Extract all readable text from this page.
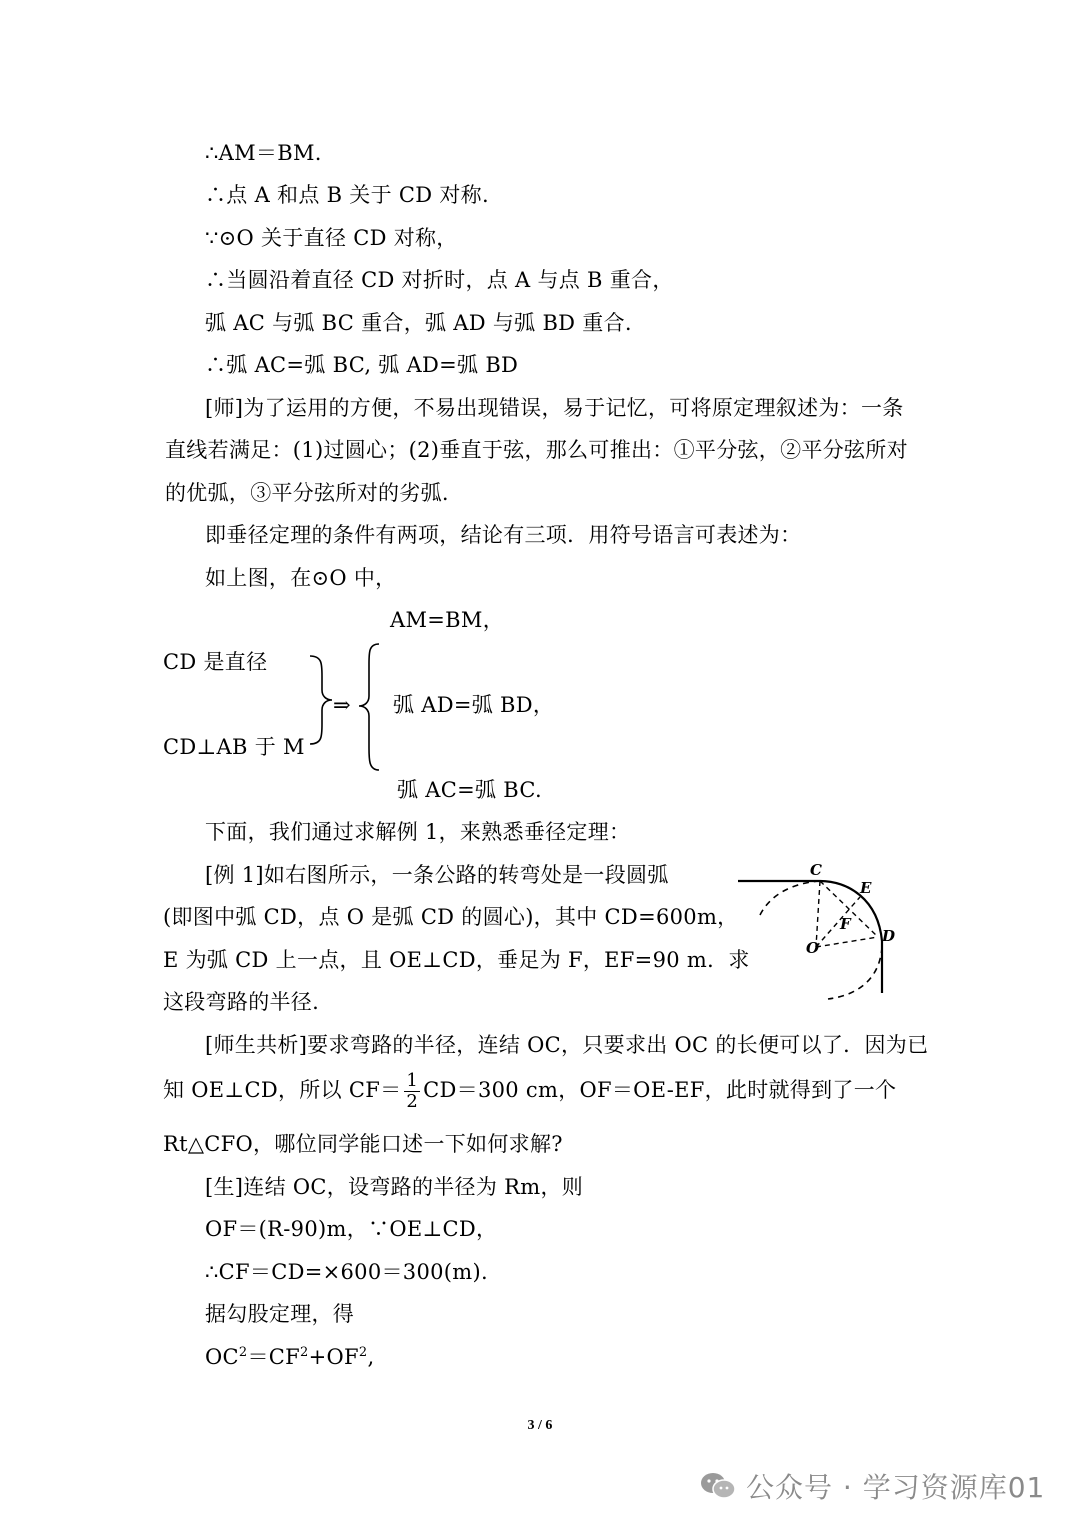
∴AM＝BM.
∴点 A 和点 B 关于 CD 对称.
∵⊙O 关于直径 CD 对称，
∴当圆沿着直径 CD 对折时，点 A 与点 B 重合，
弧 AC 与弧 BC 重合，弧 AD 与弧 BD 重合.
∴弧 AC=弧 BC, 弧 AD=弧 BD
[师]为了运用的方便，不易出现错误，易于记忆，可将原定理叙述为：一条
直线若满足：(1)过圆心；(2)垂直于弦，那么可推出：①平分弦，②平分弦所对
的优弧，③平分弦所对的劣弧.
即垂径定理的条件有两项，结论有三项．用符号语言可表述为：
如上图，在⊙O 中，
AM=BM，
CD 是直径
弧 AD=弧 BD，
CD⊥AB 于 M
弧 AC=弧 BC.
⇒
下面，我们通过求解例 1，来熟悉垂径定理：
[例 1]如右图所示，一条公路的转弯处是一段圆弧
(即图中弧 CD，点 O 是弧 CD 的圆心)，其中 CD=600m，
E 为弧 CD 上一点，且 OE⊥CD，垂足为 F，EF=90 m．求
这段弯路的半径.
C
E
F
D
O
[师生共析]要求弯路的半径，连结 OC，只要求出 OC 的长便可以了．因为已
知 OE⊥CD，所以 $CF= \frac{1}{2} CD=300$ cm，OF＝OE-EF，此时就得到了一个
Rt△CFO，哪位同学能口述一下如何求解?
[生]连结 OC，设弯路的半径为 Rm，则
OF＝(R-90)m，∵OE⊥CD，
∴CF＝CD=×600＝300(m).
据勾股定理，得
$OC^2=CF^2+OF^2$,
3 / 6
公众号 · 学习资源库01
